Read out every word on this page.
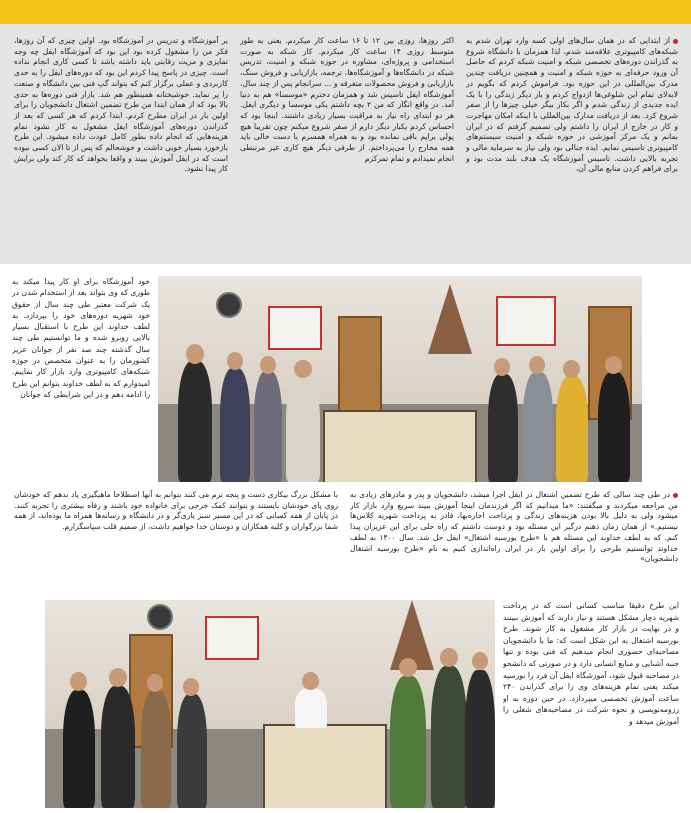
از ابتدایی که در همان سال‌های اولی کسه وارد تهران شدم به شبکه‌های کامپیوتری علاقه‌مند شدم، لذا همزمان با دانشگاه شروع به گذراندن دوره‌های تخصصی شبکه و امنیت شبکه کردم که حاصل آن ورود حرفه‌ای به حوزه شبکه و امنیت و همچنین دریافت چندین مدرک بین‌المللی در این حوزه بود. فراموش کردم که بگویم در لابه‌لای تمام این شلوغی‌ها ازدواج کردم و بار دیگر زندگی را با یک ایده جدیدی از زندگی شدم و اگر بکار بیگر خیلی چیزها را از صفر شروع کرد. بعد از دریافت مدارک بین‌المللی با اینکه امکان مهاجرت و کار در خارج از ایران را داشتم ولی تصمیم گرفتم که در ایران بمانم و یک مرکز آموزشی در حوزه شبکه و امنیت سیستم‌های کامپیوتری تاسیس نمایم. ایده جنالی بود ولی نیاز به سرمایه مالی و تجربه بالایی داشت. تاسیس آموزشگاه یک هدف بلند مدت بود و برای فراهم کردن منابع مالی آن،
اکثر روزها، روزی بین ۱۲ تا ۱۶ ساعت کار میکردم. یعنی به طور متوسط روزی ۱۴ ساعت کار میکردم. کار شبکه به صورت استخدامی و پروژه‌ای، مشاوره در حوزه شبکه و امنیت، تدریس شبکه در دانشگاه‌ها و آموزشگاه‌ها، ترجمه، بازاریابی و فروش سنگ، بازاریابی و فروش محصولات متفرقه و ... سرانجام پس از چند سال، آموزشگاه ایفل تاسیس شد و همزمان دخترم «موسسا» هم به دنیا آمد. در واقع انگار که من ۲ بچه داشتم یکی موسسا و دیگری ایفل. هر دو ابتدای راه نیاز به مراقبت بسیار زیادی داشتند. اینجا بود که احساس کردم یکبار دیگر دارم از صفر شروع میکنم چون تقریبا هیچ پولی برایم باقی نمانده بود و به همراه همسرم با دست خالی باید همه مخارج را می‌پرداختم. از طرفی دیگر هیچ کاری غیر مرتبطی انجام نمیدادم و تمام تمرکزم
بر آموزشگاه و تدریس در آموزشگاه بود. اولین چیزی که آن روزها، فکر من را مشغول کرده بود این بود که آموزشگاه ایفل چه وجه تمایزی و مزیت رقابتی باید داشته باشد تا کسی کاری انجام نداده است. چیزی در پاسخ پیدا کردم این بود که دوره‌های ایفل را به حدی کاربردی و عملی برگزار کنم که بتواند گپ فنی بین دانشگاه و صنعت را پر نماید. خوشبختانه همینطور هم شد. بازار فنی دوره‌ها به حدی بالا بود که از همان ابتدا من طرح تضمین اشتغال دانشجویان را برای اولین بار در ایران مطرح کردم. ابتدا کردم که هر کسی که بعد از گذراندن دوره‌های آموزشگاه ایفل مشغول به کار نشود تمام هزینه‌هایی که انجام داده بطور کامل عودت داده میشود. این طرح بازخورد بسیار خوبی داشت و خوشحالم که پس از تا الان کسی نبوده است که در ایفل آموزش ببیند و واقعا بخواهد که کار کند ولی برایش کار پیدا نشود.
خود آموزشگاه برای او کار پیدا میکند به طوری که وی بتواند بعد از استخدام شدن در یک شرکت معتبر طی چند سال از حقوق خود شهریه دوره‌های خود را بپردازد. به لطف خداوند این طرح با استقبال بسیار بالایی روبرو شده و ما توانستیم طی چند سال گذشته چند صد نفر از جوانان عزیز کشورمان را به عنوان متخصص در حوزه شبکه‌های کامپیوتری وارد بازار کار نماییم. امیدوارم که به لطف خداوند بتوانم این طرح را ادامه دهم و در این شرایطی که جوانان
در طی چند سالی که طرح تضمین اشتغال در ایفل اجرا میشد، دانشجویان و پدر و مادرهای زیادی به من مراجعه میکردند و میگفتند: «ما میدانیم که اگر فرزندمان اینجا آموزش ببیند سریع وارد بازار کار میشود ولی به دلیل بالا بودن هزینه‌های زندگی و پرداخت اجاره‌بها، قادر به پرداخت شهریه کلاس‌ها نیستیم.» از همان زمان ذهنم درگیر این مسئله بود و دوست داشتم که راه حلی برای این عزیزان پیدا کنم. که به لطف خداوند این مسئله هم با «طرح بورسیه اشتغال» ایفل حل شد. سال ۱۴۰۰ به لطف خداوند توانستیم طرحی را برای اولین بار در ایران راه‌اندازی کنیم به نام «طرح بورسیه اشتغال دانشجویان»
با مشکل بزرگ بیکاری دست و پنجه نرم می کنند بتوانم به آنها اصطلاحا ماهیگیری یاد بدهم که خودشان روی پای خودشان بایستند و بتوانند کمک خرجی برای خانواده خود باشند و رفاه بیشتری را تجربه کنند. در پایان از همه کسانی که در این مسیر سبز یاری‌گر و در دانشگاه و رسانه‌ها همراه ما بوده‌اند، از همه شما بزرگواران و کلیه همکاران و دوستان خدا خواهیم داشت، از صمیم قلب سپاسگزارم.
این طرح دقیقا مناسب کسانی است که در پرداخت شهریه دچار مشکل هستند و نیاز دارند که آموزش ببینند و در نهایت در بازار کار مشغول به کار شوند. طرح بورسیه اشتغال به این شکل است که: ما با دانشجویان مصاحبه‌ای حضوری انجام میدهیم که فنی بوده و تنها جنبه آشنایی و منابع انسانی دارد و در صورتی که دانشجو در مصاحبه قبول شود، آموزشگاه ایفل آن فرد را بورسیه میکند یعنی تمام هزینه‌های وی را برای گذراندن ۲۴۰ ساعت آموزش تخصصی میپردازد. در حین دوره به او رزومه‌نویسی و نحوه شرکت در مصاحبه‌های شغلی را آموزش میدهد و
